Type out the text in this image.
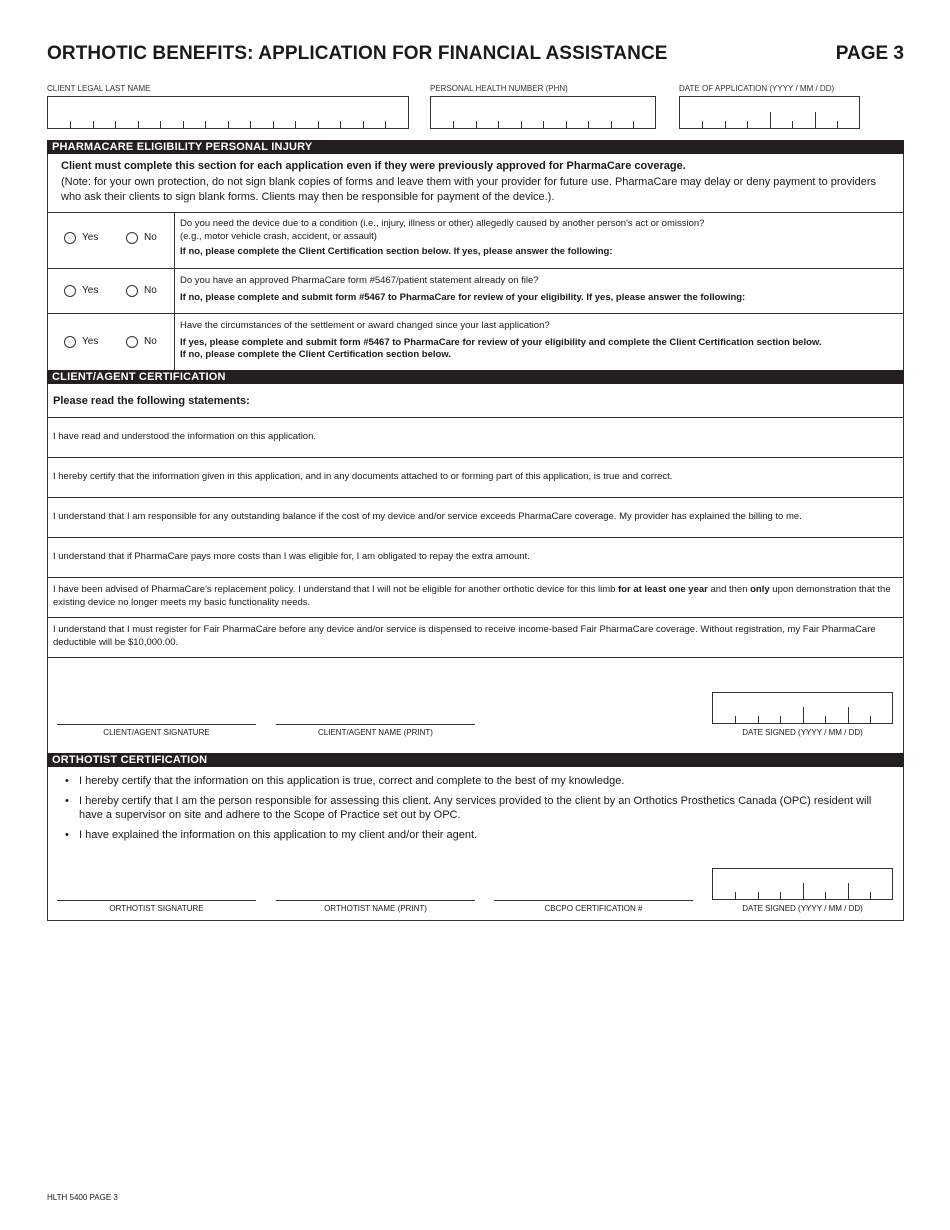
ORTHOTIC BENEFITS: APPLICATION FOR FINANCIAL ASSISTANCE	PAGE 3
CLIENT LEGAL LAST NAME	PERSONAL HEALTH NUMBER (PHN)	DATE OF APPLICATION (YYYY / MM / DD)
PHARMACARE ELIGIBILITY PERSONAL INJURY
Client must complete this section for each application even if they were previously approved for PharmaCare coverage.
(Note: for your own protection, do not sign blank copies of forms and leave them with your provider for future use. PharmaCare may delay or deny payment to providers who ask their clients to sign blank forms. Clients may then be responsible for payment of the device.).
Yes	No
Do you need the device due to a condition (i.e., injury, illness or other) allegedly caused by another person's act or omission?
(e.g., motor vehicle crash, accident, or assault)
If no, please complete the Client Certification section below. If yes, please answer the following:
Yes	No
Do you have an approved PharmaCare form #5467/patient statement already on file?
If no, please complete and submit form #5467 to PharmaCare for review of your eligibility. If yes, please answer the following:
Yes	No
Have the circumstances of the settlement or award changed since your last application?
If yes, please complete and submit form #5467 to PharmaCare for review of your eligibility and complete the Client Certification section below.
If no, please complete the Client Certification section below.
CLIENT/AGENT CERTIFICATION
Please read the following statements:
I have read and understood the information on this application.
I hereby certify that the information given in this application, and in any documents attached to or forming part of this application, is true and correct.
I understand that I am responsible for any outstanding balance if the cost of my device and/or service exceeds PharmaCare coverage. My provider has explained the billing to me.
I understand that if PharmaCare pays more costs than I was eligible for, I am obligated to repay the extra amount.
I have been advised of PharmaCare's replacement policy. I understand that I will not be eligible for another orthotic device for this limb for at least one year and then only upon demonstration that the existing device no longer meets my basic functionality needs.
I understand that I must register for Fair PharmaCare before any device and/or service is dispensed to receive income-based Fair PharmaCare coverage. Without registration, my Fair PharmaCare deductible will be $10,000.00.
CLIENT/AGENT SIGNATURE	CLIENT/AGENT NAME (PRINT)	DATE SIGNED (YYYY / MM / DD)
ORTHOTIST CERTIFICATION
• I hereby certify that the information on this application is true, correct and complete to the best of my knowledge.
• I hereby certify that I am the person responsible for assessing this client. Any services provided to the client by an Orthotics Prosthetics Canada (OPC) resident will have a supervisor on site and adhere to the Scope of Practice set out by OPC.
• I have explained the information on this application to my client and/or their agent.
ORTHOTIST SIGNATURE	ORTHOTIST NAME (PRINT)	CBCPO CERTIFICATION #	DATE SIGNED (YYYY / MM / DD)
HLTH 5400 PAGE 3
